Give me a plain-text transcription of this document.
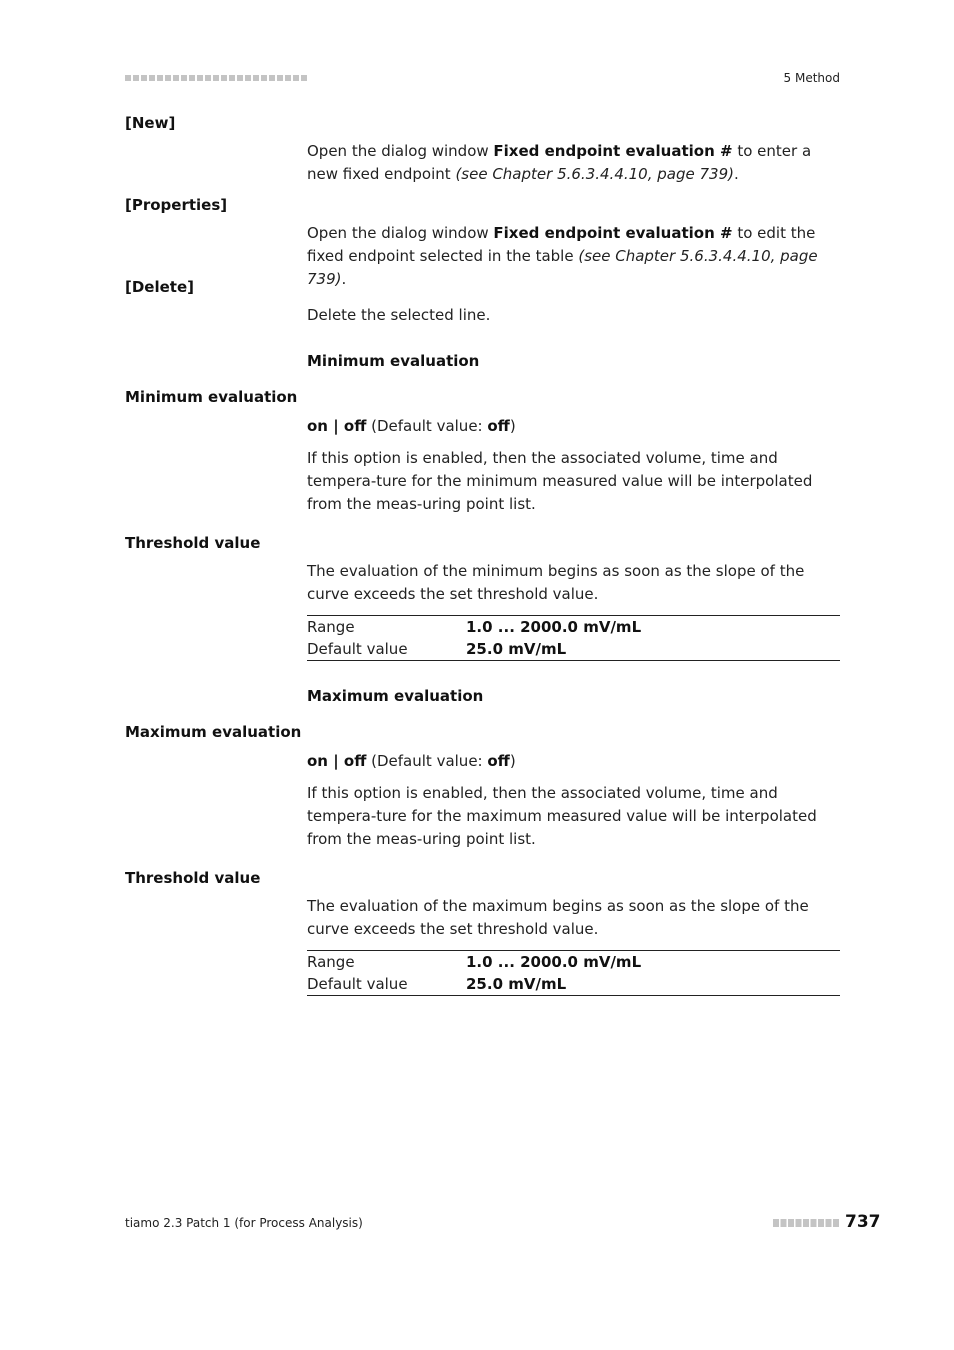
5 Method
[New]
Open the dialog window Fixed endpoint evaluation # to enter a new fixed endpoint (see Chapter 5.6.3.4.4.10, page 739).
[Properties]
Open the dialog window Fixed endpoint evaluation # to edit the fixed endpoint selected in the table (see Chapter 5.6.3.4.4.10, page 739).
[Delete]
Delete the selected line.
Minimum evaluation
Minimum evaluation
on | off (Default value: off)
If this option is enabled, then the associated volume, time and tempera-ture for the minimum measured value will be interpolated from the meas-uring point list.
Threshold value
The evaluation of the minimum begins as soon as the slope of the curve exceeds the set threshold value.
Range	1.0 ... 2000.0 mV/mL
Default value	25.0 mV/mL
Maximum evaluation
Maximum evaluation
on | off (Default value: off)
If this option is enabled, then the associated volume, time and tempera-ture for the maximum measured value will be interpolated from the meas-uring point list.
Threshold value
The evaluation of the maximum begins as soon as the slope of the curve exceeds the set threshold value.
Range	1.0 ... 2000.0 mV/mL
Default value	25.0 mV/mL
tiamo 2.3 Patch 1 (for Process Analysis)	737
